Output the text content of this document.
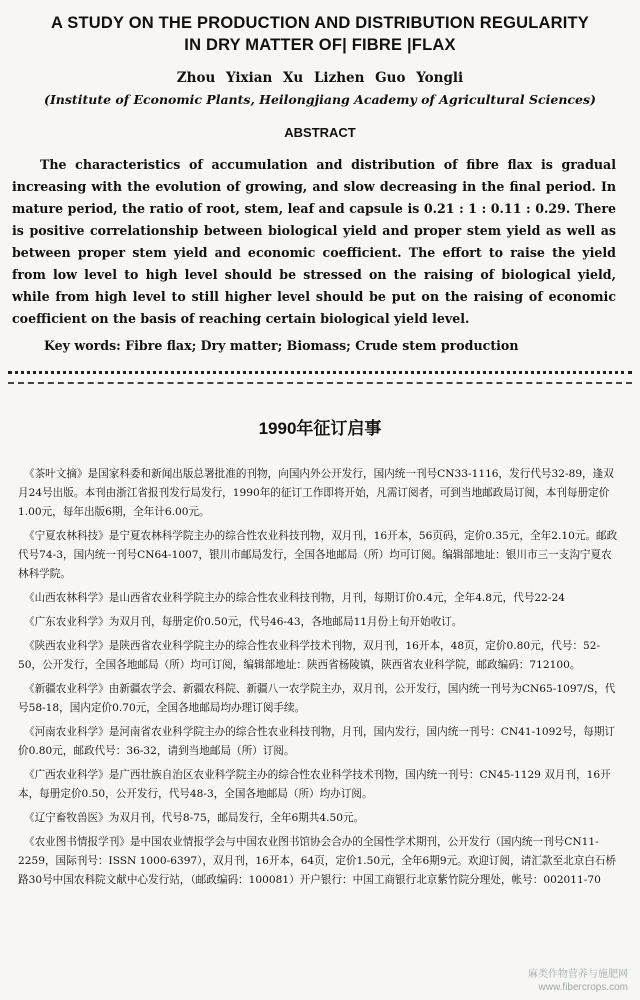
A STUDY ON THE PRODUCTION AND DISTRIBUTION REGULARITY
IN DRY MATTER OF| FIBRE |FLAX
Zhou Yixian Xu Lizhen Guo Yongli
(Institute of Economic Plants, Heilongjiang Academy of Agricultural Sciences)
ABSTRACT
The characteristics of accumulation and distribution of fibre flax is gradual increasing with the evolution of growing, and slow decreasing in the final period. In mature period, the ratio of root, stem, leaf and capsule is 0.21 : 1 : 0.11 : 0.29. There is positive correlationship between biological yield and proper stem yield as well as between proper stem yield and economic coefficient. The effort to raise the yield from low level to high level should be stressed on the raising of biological yield, while from high level to still higher level should be put on the raising of economic coefficient on the basis of reaching certain biological yield level.
Key words: Fibre flax; Dry matter; Biomass; Crude stem production
1990年征订启事
《茶叶文摘》是国家科委和新闻出版总署批准的刊物，向国内外公开发行，国内统一刊号CN33-1116，发行代号32-89，逢双月24号出版。本刊由浙江省报刊发行局发行，1990年的征订工作即将开始，凡需订阅者，可到当地邮政局订阅，本刊每册定价1.00元，每年出版6期，全年计6.00元。
《宁夏农林科技》是宁夏农林科学院主办的综合性农业科技刊物，双月刊，16开本，56页码，定价0.35元，全年2.10元。邮政代号74-3，国内统一刊号CN64-1007，银川市邮局发行，全国各地邮局（所）均可订阅。编辑部地址：银川市三一支沟宁夏农林科学院。
《山西农林科学》是山西省农业科学院主办的综合性农业科技刊物，月刊，每期订价0.4元，全年4.8元，代号22-24
《广东农业科学》为双月刊，每册定价0.50元，代号46-43，各地邮局11月份上旬开始收订。
《陕西农业科学》是陕西省农业科学院主办的综合性农业科学技术刊物，双月刊，16开本，48页，定价0.80元，代号：52-50，公开发行，全国各地邮局（所）均可订阅，编辑部地址：陕西省杨陵镇，陕西省农业科学院，邮政编码：712100。
《新疆农业科学》由新疆农学会、新疆农科院、新疆八一农学院主办，双月刊，公开发行，国内统一刊号为CN65-1097/S，代号58-18，国内定价0.70元，全国各地邮局均办理订阅手续。
《河南农业科学》是河南省农业科学院主办的综合性农业科技刊物，月刊，国内发行，国内统一刊号：CN41-1092号，每期订价0.80元，邮政代号：36-32，请到当地邮局（所）订阅。
《广西农业科学》是广西壮族自治区农业科学院主办的综合性农业科学技术刊物，国内统一刊号：CN45-1129 双月刊，16开本，每册定价0.50，公开发行，代号48-3，全国各地邮局（所）均办订阅。
《辽宁畜牧兽医》为双月刊，代号8-75，邮局发行，全年6期共4.50元。
《农业图书情报学刊》是中国农业情报学会与中国农业图书馆协会合办的全国性学术期刊，公开发行（国内统一刊号CN11-2259，国际刊号：ISSN 1000-6397），双月刊，16开本，64页，定价1.50元，全年6期9元。欢迎订阅，请汇款至北京白石桥路30号中国农科院文献中心发行站，（邮政编码：100081）开户银行：中国工商银行北京紫竹院分理处，帐号：002011-70
麻类作物营养与施肥网
www.fibercrops.com
